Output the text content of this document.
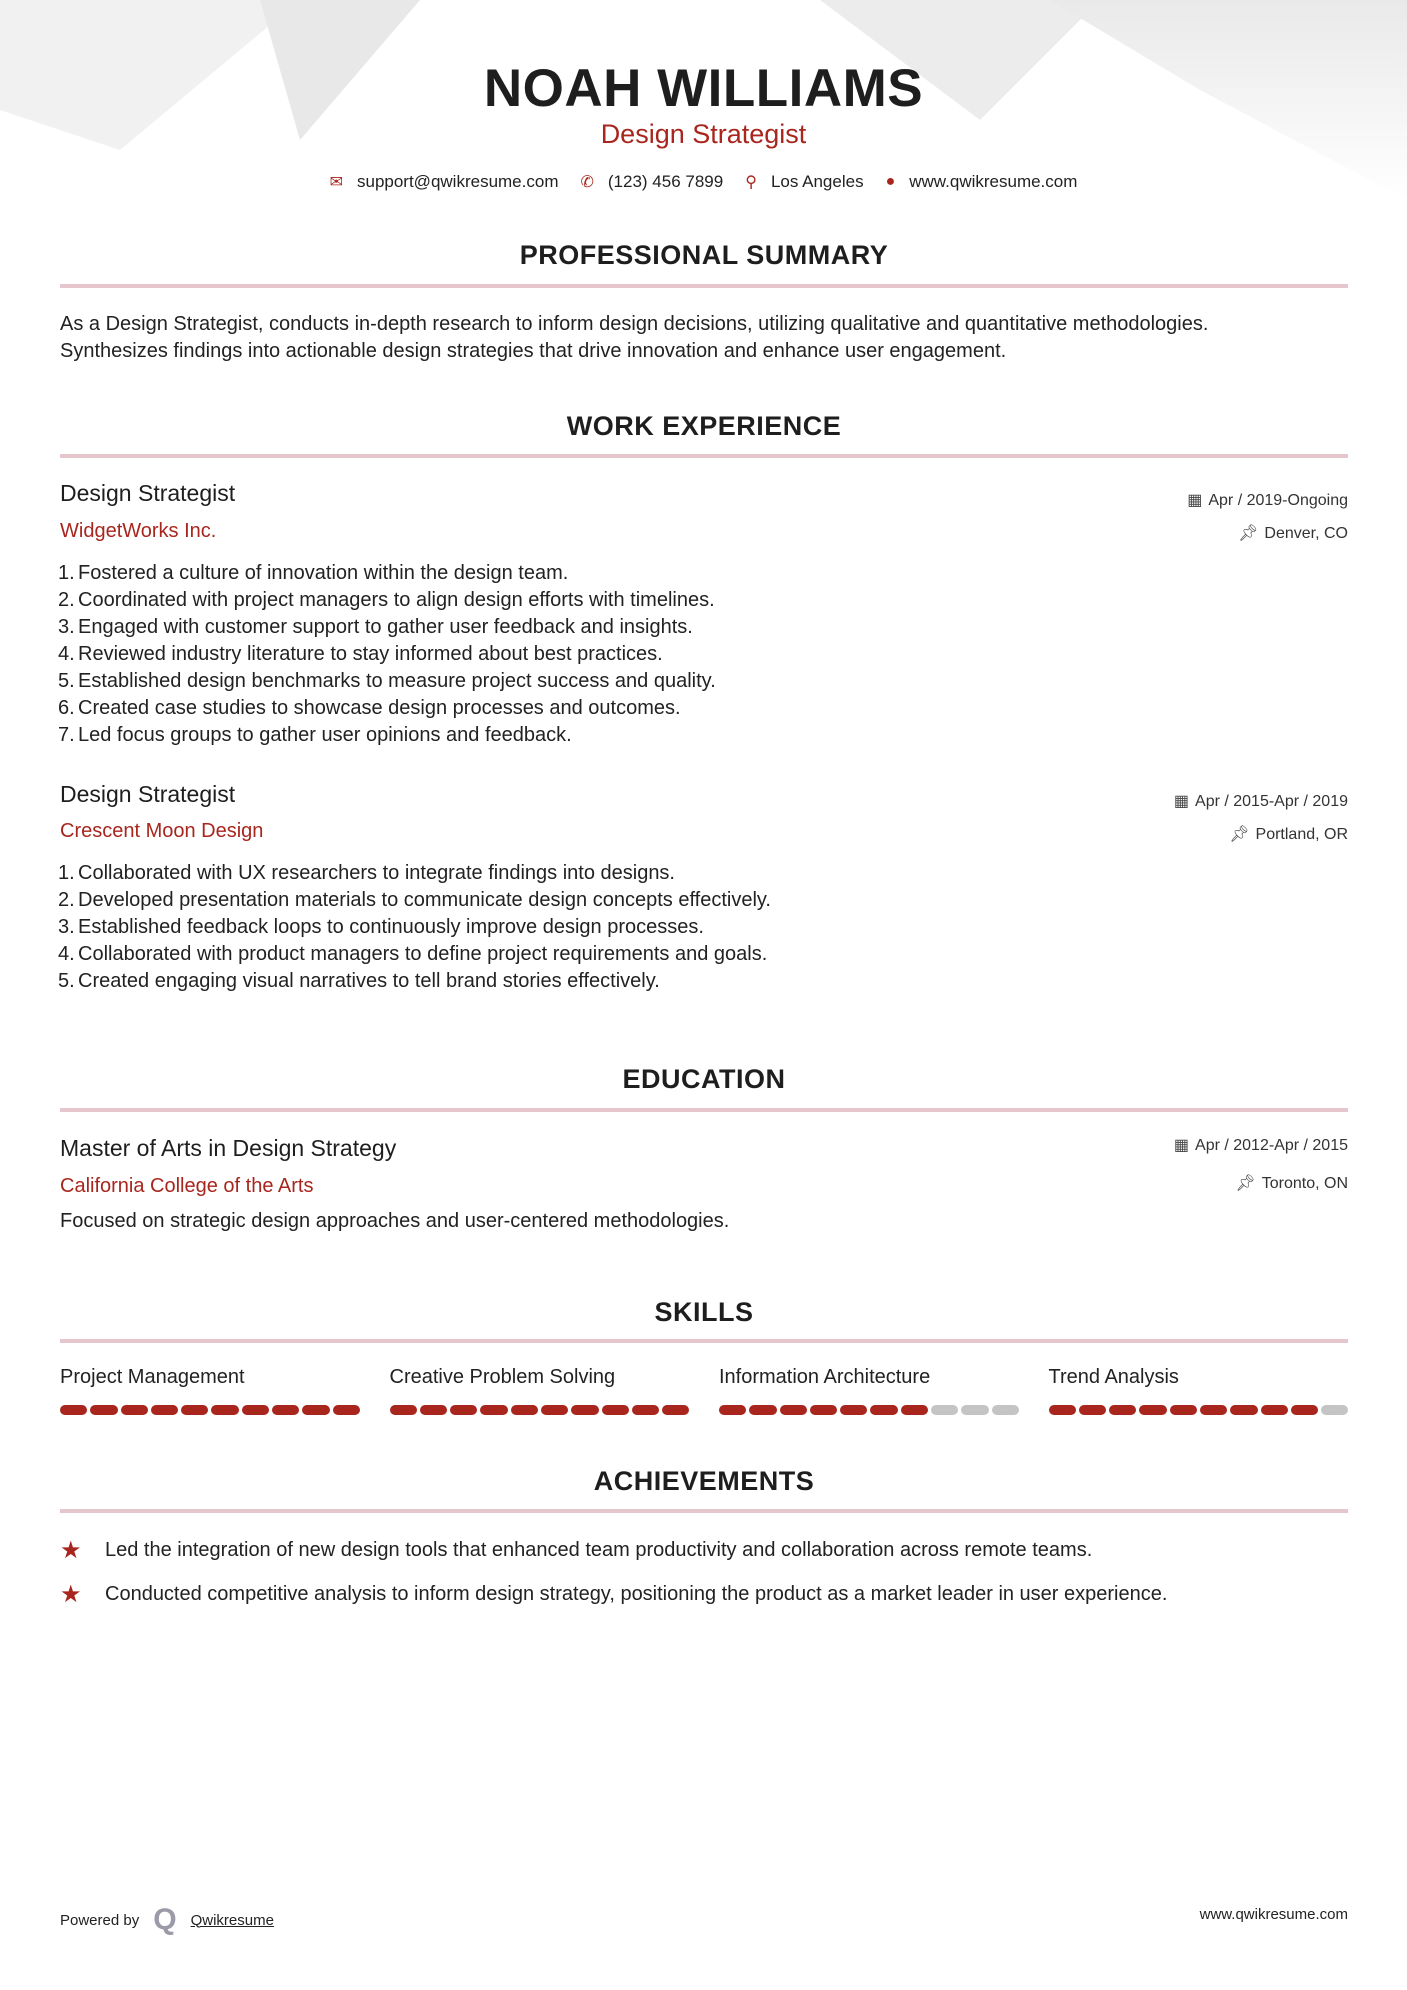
NOAH WILLIAMS
Design Strategist
✉ support@qwikresume.com ✆ (123) 456 7899 ⚲ Los Angeles ● www.qwikresume.com
PROFESSIONAL SUMMARY
As a Design Strategist, conducts in-depth research to inform design decisions, utilizing qualitative and quantitative methodologies.
Synthesizes findings into actionable design strategies that drive innovation and enhance user engagement.
WORK EXPERIENCE
Design Strategist
WidgetWorks Inc.
▦ Apr / 2019-Ongoing
📌︎ Denver, CO
1. Fostered a culture of innovation within the design team.
2. Coordinated with project managers to align design efforts with timelines.
3. Engaged with customer support to gather user feedback and insights.
4. Reviewed industry literature to stay informed about best practices.
5. Established design benchmarks to measure project success and quality.
6. Created case studies to showcase design processes and outcomes.
7. Led focus groups to gather user opinions and feedback.
Design Strategist
Crescent Moon Design
▦ Apr / 2015-Apr / 2019
📌︎ Portland, OR
1. Collaborated with UX researchers to integrate findings into designs.
2. Developed presentation materials to communicate design concepts effectively.
3. Established feedback loops to continuously improve design processes.
4. Collaborated with product managers to define project requirements and goals.
5. Created engaging visual narratives to tell brand stories effectively.
EDUCATION
Master of Arts in Design Strategy
California College of the Arts
▦ Apr / 2012-Apr / 2015
📌︎ Toronto, ON
Focused on strategic design approaches and user-centered methodologies.
SKILLS
Project Management	Creative Problem Solving	Information Architecture	Trend Analysis
ACHIEVEMENTS
★	Led the integration of new design tools that enhanced team productivity and collaboration across remote teams.
★	Conducted competitive analysis to inform design strategy, positioning the product as a market leader in user experience.
Powered by Q Qwikresume	www.qwikresume.com
